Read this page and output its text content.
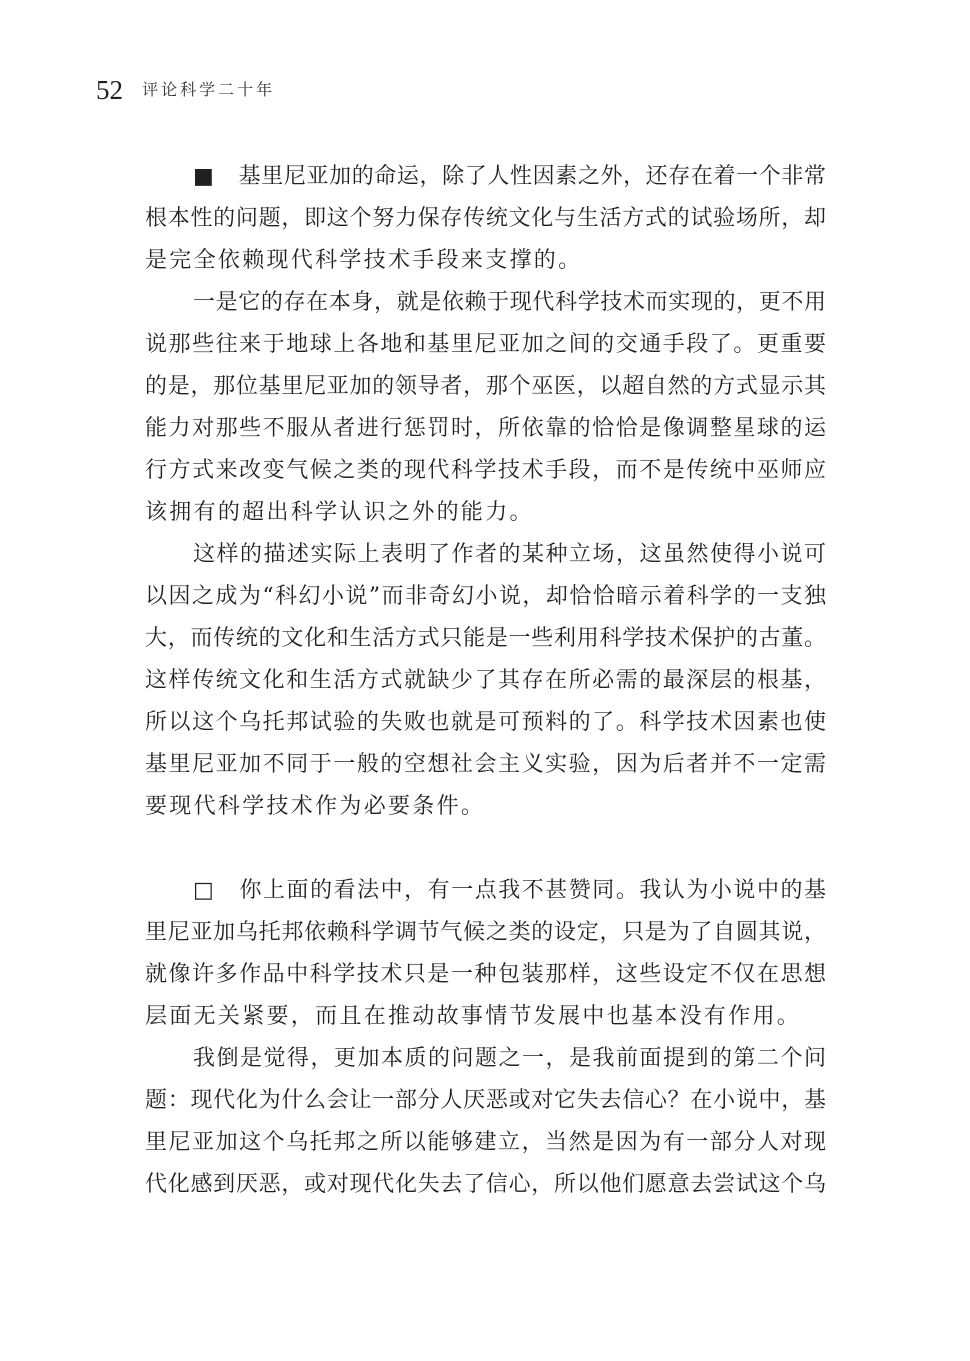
52 评论科学二十年
■ 基里尼亚加的命运，除了人性因素之外，还存在着一个非常
根本性的问题，即这个努力保存传统文化与生活方式的试验场所，却
是完全依赖现代科学技术手段来支撑的。
一是它的存在本身，就是依赖于现代科学技术而实现的，更不用
说那些往来于地球上各地和基里尼亚加之间的交通手段了。更重要
的是，那位基里尼亚加的领导者，那个巫医，以超自然的方式显示其
能力对那些不服从者进行惩罚时，所依靠的恰恰是像调整星球的运
行方式来改变气候之类的现代科学技术手段，而不是传统中巫师应
该拥有的超出科学认识之外的能力。
这样的描述实际上表明了作者的某种立场，这虽然使得小说可
以因之成为“科幻小说”而非奇幻小说，却恰恰暗示着科学的一支独
大，而传统的文化和生活方式只能是一些利用科学技术保护的古董。
这样传统文化和生活方式就缺少了其存在所必需的最深层的根基，
所以这个乌托邦试验的失败也就是可预料的了。科学技术因素也使
基里尼亚加不同于一般的空想社会主义实验，因为后者并不一定需
要现代科学技术作为必要条件。
□ 你上面的看法中，有一点我不甚赞同。我认为小说中的基
里尼亚加乌托邦依赖科学调节气候之类的设定，只是为了自圆其说，
就像许多作品中科学技术只是一种包装那样，这些设定不仅在思想
层面无关紧要，而且在推动故事情节发展中也基本没有作用。
我倒是觉得，更加本质的问题之一，是我前面提到的第二个问
题：现代化为什么会让一部分人厌恶或对它失去信心？在小说中，基
里尼亚加这个乌托邦之所以能够建立，当然是因为有一部分人对现
代化感到厌恶，或对现代化失去了信心，所以他们愿意去尝试这个乌
